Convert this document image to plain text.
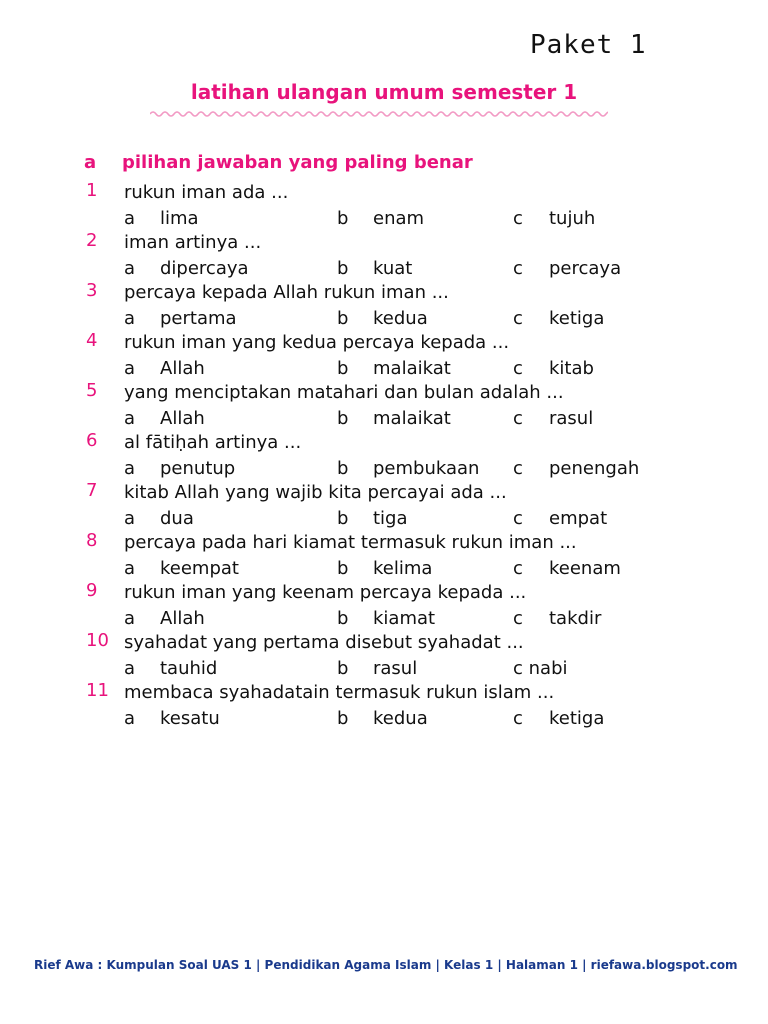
Paket 1
latihan ulangan umum semester 1
a pilihan jawaban yang paling benar
1 rukun iman ada ...
a lima	b enam	c tujuh
2 iman artinya ...
a dipercaya	b kuat	c percaya
3 percaya kepada Allah rukun iman ...
a pertama	b kedua	c ketiga
4 rukun iman yang kedua percaya kepada ...
a Allah	b malaikat	c kitab
5 yang menciptakan matahari dan bulan adalah ...
a Allah	b malaikat	c rasul
6 al fātiḥah artinya ...
a penutup	b pembukaan c penengah
7 kitab Allah yang wajib kita percayai ada ...
a dua	b tiga	c empat
8 percaya pada hari kiamat termasuk rukun iman ...
a keempat	b kelima	c keenam
9 rukun iman yang keenam percaya kepada ...
a Allah	b kiamat	c takdir
10 syahadat yang pertama disebut syahadat ...
a tauhid	b rasul	c nabi
11 membaca syahadatain termasuk rukun islam ...
a kesatu	b kedua	c ketiga
Rief Awa : Kumpulan Soal UAS 1 | Pendidikan Agama Islam | Kelas 1 | Halaman 1 | riefawa.blogspot.com
